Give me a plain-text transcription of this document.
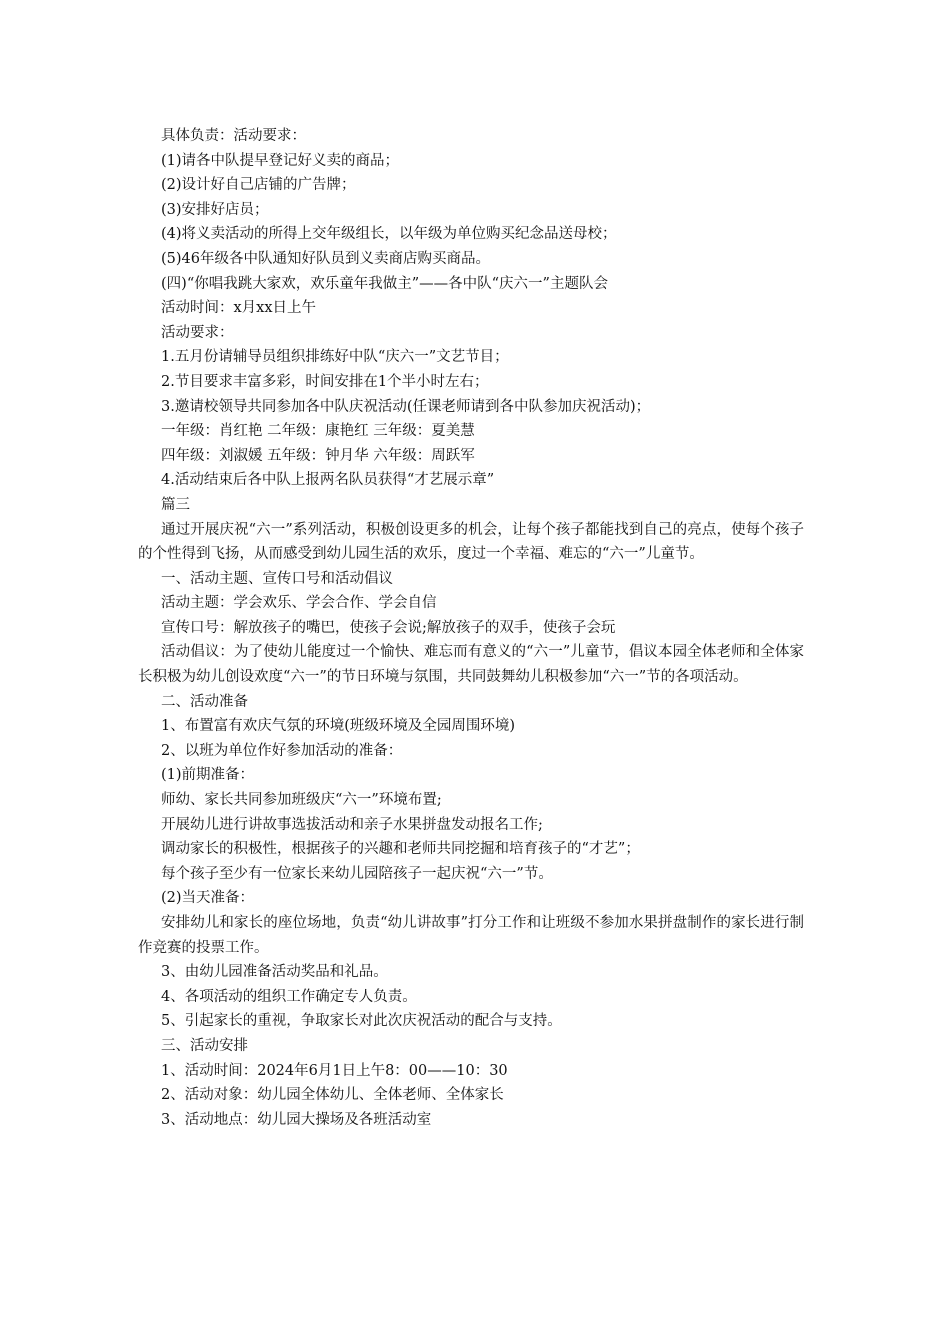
具体负责：活动要求：

(1)请各中队提早登记好义卖的商品；

(2)设计好自己店铺的广告牌；

(3)安排好店员；

(4)将义卖活动的所得上交年级组长，以年级为单位购买纪念品送母校；

(5)46年级各中队通知好队员到义卖商店购买商品。

(四)“你唱我跳大家欢，欢乐童年我做主”——各中队“庆六一”主题队会

活动时间：x月xx日上午

活动要求：

1.五月份请辅导员组织排练好中队“庆六一”文艺节目；

2.节目要求丰富多彩，时间安排在1个半小时左右；

3.邀请校领导共同参加各中队庆祝活动(任课老师请到各中队参加庆祝活动)；

一年级：肖红艳 二年级：康艳红 三年级：夏美慧

四年级：刘淑媛 五年级：钟月华 六年级：周跃军

4.活动结束后各中队上报两名队员获得“才艺展示章”

篇三

通过开展庆祝“六一”系列活动，积极创设更多的机会，让每个孩子都能找到自己的亮点，使每个孩子的个性得到飞扬，从而感受到幼儿园生活的欢乐，度过一个幸福、难忘的“六一”儿童节。

一、活动主题、宣传口号和活动倡议

活动主题：学会欢乐、学会合作、学会自信

宣传口号：解放孩子的嘴巴，使孩子会说;解放孩子的双手，使孩子会玩

活动倡议：为了使幼儿能度过一个愉快、难忘而有意义的“六一”儿童节，倡议本园全体老师和全体家长积极为幼儿创设欢度“六一”的节日环境与氛围，共同鼓舞幼儿积极参加“六一”节的各项活动。

二、活动准备

1、布置富有欢庆气氛的环境(班级环境及全园周围环境)

2、以班为单位作好参加活动的准备：

(1)前期准备：

师幼、家长共同参加班级庆“六一”环境布置;

开展幼儿进行讲故事选拔活动和亲子水果拼盘发动报名工作;

调动家长的积极性，根据孩子的兴趣和老师共同挖掘和培育孩子的“才艺”；

每个孩子至少有一位家长来幼儿园陪孩子一起庆祝“六一”节。

(2)当天准备：

安排幼儿和家长的座位场地，负责“幼儿讲故事”打分工作和让班级不参加水果拼盘制作的家长进行制作竞赛的投票工作。

3、由幼儿园准备活动奖品和礼品。

4、各项活动的组织工作确定专人负责。

5、引起家长的重视，争取家长对此次庆祝活动的配合与支持。

三、活动安排

1、活动时间：2024年6月1日上午8：00——10：30

2、活动对象：幼儿园全体幼儿、全体老师、全体家长

3、活动地点：幼儿园大操场及各班活动室
